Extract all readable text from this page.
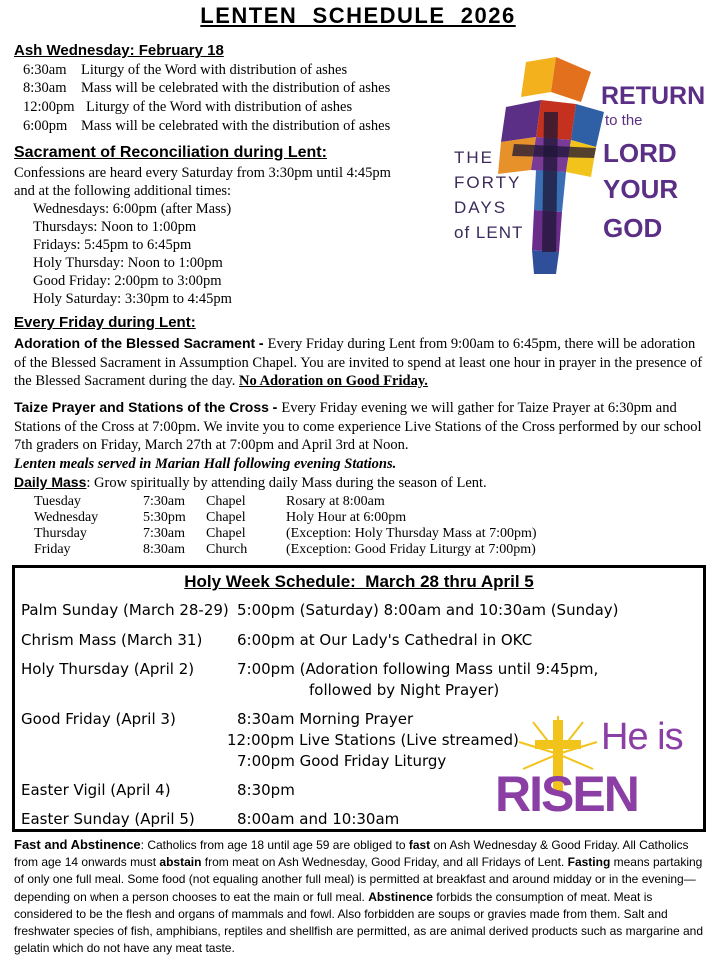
LENTEN  SCHEDULE  2026
Ash Wednesday: February 18
6:30am Liturgy of the Word with distribution of ashes
8:30am Mass will be celebrated with the distribution of ashes
12:00pm Liturgy of the Word with distribution of ashes
6:00pm Mass will be celebrated with the distribution of ashes
Sacrament of Reconciliation during Lent:
Confessions are heard every Saturday from 3:30pm until 4:45pm
and at the following additional times:
Wednesdays: 6:00pm (after Mass)
Thursdays: Noon to 1:00pm
Fridays: 5:45pm to 6:45pm
Holy Thursday: Noon to 1:00pm
Good Friday: 2:00pm to 3:00pm
Holy Saturday: 3:30pm to 4:45pm
THE
FORTY
DAYS
of LENT
RETURN
to the
LORD
YOUR
GOD
Every Friday during Lent:
Adoration of the Blessed Sacrament - Every Friday during Lent from 9:00am to 6:45pm, there will be adoration of the Blessed Sacrament in Assumption Chapel. You are invited to spend at least one hour in prayer in the presence of the Blessed Sacrament during the day. No Adoration on Good Friday.
Taize Prayer and Stations of the Cross - Every Friday evening we will gather for Taize Prayer at 6:30pm and Stations of the Cross at 7:00pm. We invite you to come experience Live Stations of the Cross performed by our school 7th graders on Friday, March 27th at 7:00pm and April 3rd at Noon.
Lenten meals served in Marian Hall following evening Stations.
Daily Mass: Grow spiritually by attending daily Mass during the season of Lent.
Tuesday	7:30am Chapel	Rosary at 8:00am
Wednesday	5:30pm Chapel	Holy Hour at 6:00pm
Thursday	7:30am Chapel	(Exception: Holy Thursday Mass at 7:00pm)
Friday	8:30am Church	(Exception: Good Friday Liturgy at 7:00pm)
Holy Week Schedule:  March 28 thru April 5
Palm Sunday (March 28-29) 5:00pm (Saturday) 8:00am and 10:30am (Sunday)
Chrism Mass (March 31) 6:00pm at Our Lady's Cathedral in OKC
Holy Thursday (April 2)	7:00pm (Adoration following Mass until 9:45pm,
followed by Night Prayer)
Good Friday (April 3)	8:30am Morning Prayer
12:00pm Live Stations (Live streamed)
7:00pm Good Friday Liturgy
Easter Vigil (April 4)	8:30pm
Easter Sunday (April 5)	8:00am and 10:30am
He is
RISEN
Fast and Abstinence: Catholics from age 18 until age 59 are obliged to fast on Ash Wednesday & Good Friday. All Catholics from age 14 onwards must abstain from meat on Ash Wednesday, Good Friday, and all Fridays of Lent. Fasting means partaking of only one full meal. Some food (not equaling another full meal) is permitted at breakfast and around midday or in the evening—depending on when a person chooses to eat the main or full meal. Abstinence forbids the consumption of meat. Meat is considered to be the flesh and organs of mammals and fowl. Also forbidden are soups or gravies made from them. Salt and freshwater species of fish, amphibians, reptiles and shellfish are permitted, as are animal derived products such as margarine and gelatin which do not have any meat taste.
